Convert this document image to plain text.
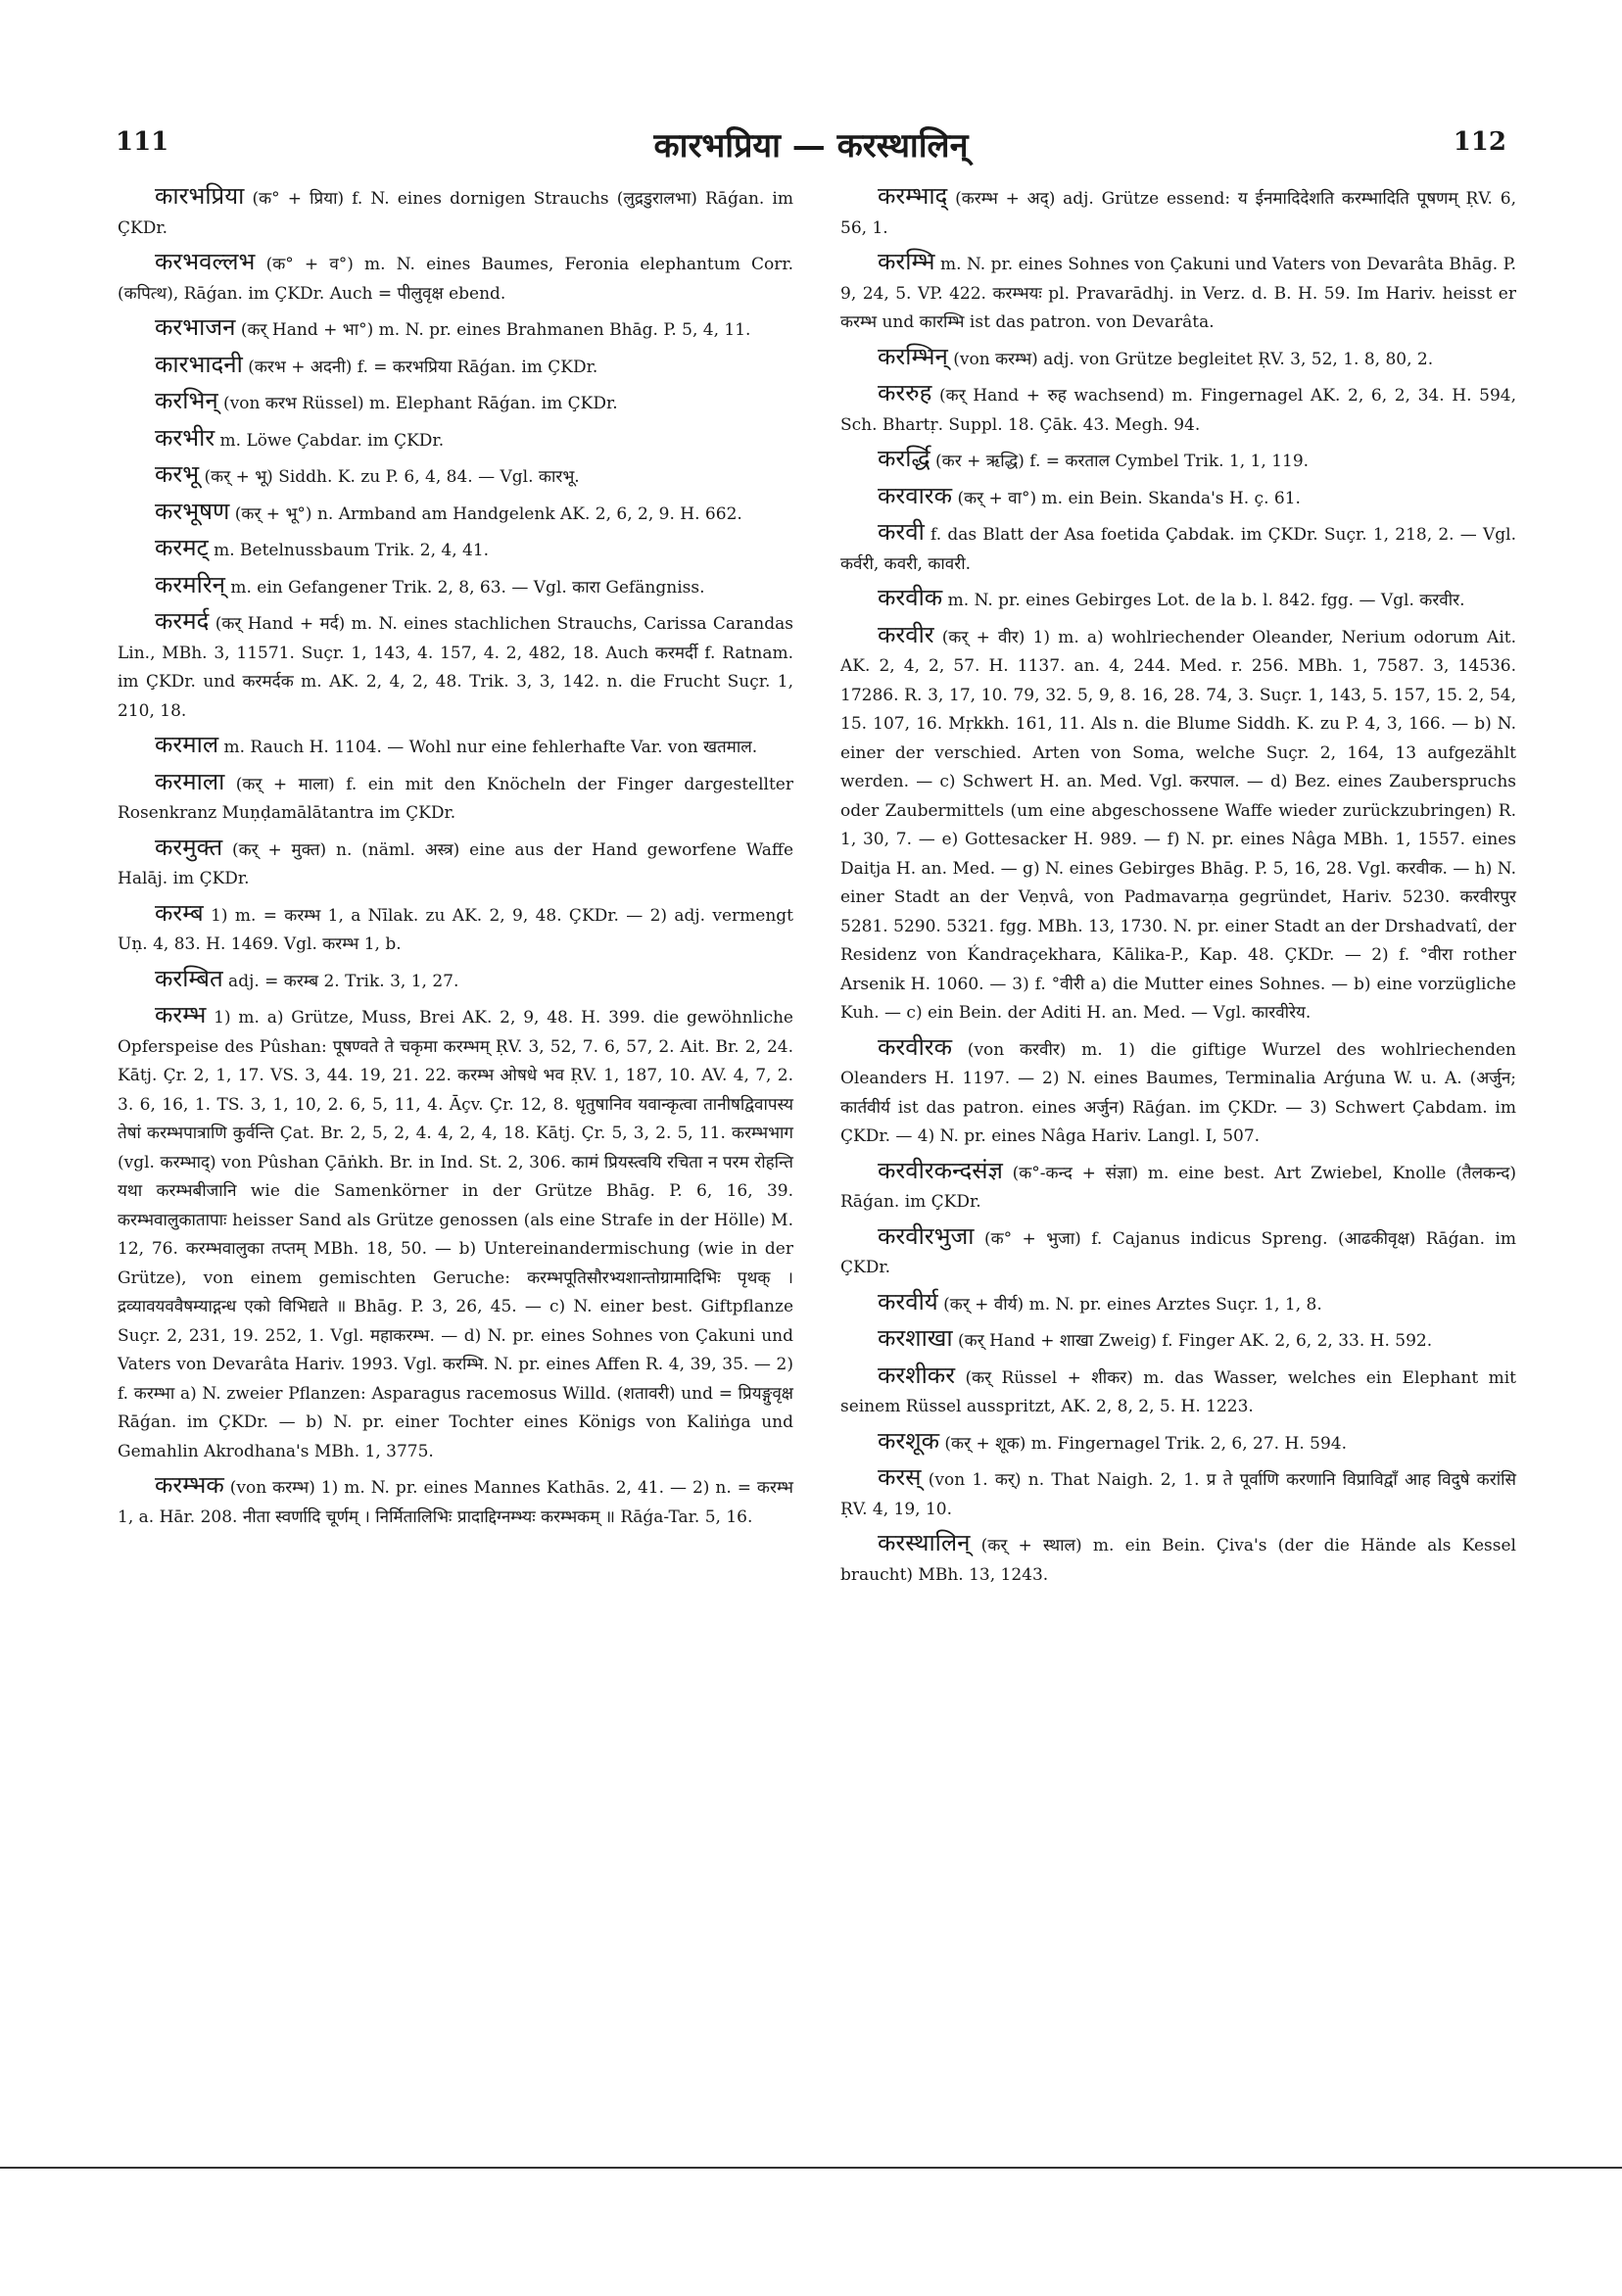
111	कारभप्रिया — करस्थालिन्	112

कारभप्रिया (क° + प्रिया) f. N. eines dornigen Strauchs (लुद्रडुरालभा) Rāǵan. im ÇKDr.

करभवल्लभ (क° + व°) m. N. eines Baumes, Feronia elephantum Corr. (कपित्थ), Rāǵan. im ÇKDr. Auch = पीलुवृक्ष ebend.

करभाजन (कर् Hand + भा°) m. N. pr. eines Brahmanen Bhāg. P. 5, 4, 11.

कारभादनी (करभ + अदनी) f. = करभप्रिया Rāǵan. im ÇKDr.

करभिन् (von करभ Rüssel) m. Elephant Rāǵan. im ÇKDr.

करभीर m. Löwe Çabdar. im ÇKDr.

करभू (कर् + भू) Siddh. K. zu P. 6, 4, 84. — Vgl. कारभू.

करभूषण (कर् + भू°) n. Armband am Handgelenk AK. 2, 6, 2, 9. H. 662.

करमट् m. Betelnussbaum Trik. 2, 4, 41.

करमरिन् m. ein Gefangener Trik. 2, 8, 63. — Vgl. कारा Gefängniss.

करमर्द (कर् Hand + मर्द) m. N. eines stachlichen Strauchs, Carissa Carandas Lin., MBh. 3, 11571. Suçr. 1, 143, 4. 157, 4. 2, 482, 18. Auch करमर्दी f. Ratnam. im ÇKDr. und करमर्दक m. AK. 2, 4, 2, 48. Trik. 3, 3, 142. n. die Frucht Suçr. 1, 210, 18.

करमाल m. Rauch H. 1104. — Wohl nur eine fehlerhafte Var. von खतमाल.

करमाला (कर् + माला) f. ein mit den Knöcheln der Finger dargestellter Rosenkranz Muṇḍamālātantra im ÇKDr.

करमुक्त (कर् + मुक्त) n. (näml. अस्त्र) eine aus der Hand geworfene Waffe Halāj. im ÇKDr.

करम्ब 1) m. = करम्भ 1, a Nīlak. zu AK. 2, 9, 48. ÇKDr. — 2) adj. vermengt Uṇ. 4, 83. H. 1469. Vgl. करम्भ 1, b.

करम्बित adj. = करम्ब 2. Trik. 3, 1, 27.

करम्भ 1) m. a) Grütze, Muss, Brei AK. 2, 9, 48. H. 399. die gewöhnliche Opferspeise des Pûshan: पूषण्वते ते चकृमा करम्भम् ṚV. 3, 52, 7. 6, 57, 2. Ait. Br. 2, 24. Kātj. Çr. 2, 1, 17. VS. 3, 44. 19, 21. 22. करम्भ ओषधे भव ṚV. 1, 187, 10. AV. 4, 7, 2. 3. 6, 16, 1. TS. 3, 1, 10, 2. 6, 5, 11, 4. Āçv. Çr. 12, 8. धृतुषानिव यवान्कृत्वा तानीषद्विवापस्य तेषां करम्भपात्राणि कुर्वन्ति Çat. Br. 2, 5, 2, 4. 4, 2, 4, 18. Kātj. Çr. 5, 3, 2. 5, 11. करम्भभाग (vgl. करम्भाद्) von Pûshan Çāṅkh. Br. in Ind. St. 2, 306. कामं प्रियस्त्वयि रचिता न परम रोहन्ति यथा करम्भबीजानि wie die Samenkörner in der Grütze Bhāg. P. 6, 16, 39. करम्भवालुकातापाः heisser Sand als Grütze genossen (als eine Strafe in der Hölle) M. 12, 76. करम्भवालुका तप्तम् MBh. 18, 50. — b) Untereinandermischung (wie in der Grütze), von einem gemischten Geruche: करम्भपूतिसौरभ्यशान्तोग्रामादिभिः पृथक् । द्रव्यावयववैषम्याद्गन्ध एको विभिद्यते ॥ Bhāg. P. 3, 26, 45. — c) N. einer best. Giftpflanze Suçr. 2, 231, 19. 252, 1. Vgl. महाकरम्भ. — d) N. pr. eines Sohnes von Çakuni und Vaters von Devarâta Hariv. 1993. Vgl. करम्भि. N. pr. eines Affen R. 4, 39, 35. — 2) f. करम्भा a) N. zweier Pflanzen: Asparagus racemosus Willd. (शतावरी) und = प्रियङ्गुवृक्ष Rāǵan. im ÇKDr. — b) N. pr. einer Tochter eines Königs von Kaliṅga und Gemahlin Akrodhana's MBh. 1, 3775.

करम्भक (von करम्भ) 1) m. N. pr. eines Mannes Kathās. 2, 41. — 2) n. = करम्भ 1, a. Hār. 208. नीता स्वर्णादि चूर्णम् । निर्मितालिभिः प्रादाद्दिग्नम्भ्यः करम्भकम् ॥ Rāǵa-Tar. 5, 16.

करम्भाद् (करम्भ + अद्) adj. Grütze essend: य ईनमादिदेशति करम्भादिति पूषणम् ṚV. 6, 56, 1.

करम्भि m. N. pr. eines Sohnes von Çakuni und Vaters von Devarâta Bhāg. P. 9, 24, 5. VP. 422. करम्भयः pl. Pravarādhj. in Verz. d. B. H. 59. Im Hariv. heisst er करम्भ und कारम्भि ist das patron. von Devarâta.

करम्भिन् (von करम्भ) adj. von Grütze begleitet ṚV. 3, 52, 1. 8, 80, 2.

कररुह (कर् Hand + रुह wachsend) m. Fingernagel AK. 2, 6, 2, 34. H. 594, Sch. Bhartṛ. Suppl. 18. Çāk. 43. Megh. 94.

करर्द्धि (कर + ऋद्धि) f. = करताल Cymbel Trik. 1, 1, 119.

करवारक (कर् + वा°) m. ein Bein. Skanda's H. ç. 61.

करवी f. das Blatt der Asa foetida Çabdak. im ÇKDr. Suçr. 1, 218, 2. — Vgl. कर्वरी, कवरी, कावरी.

करवीक m. N. pr. eines Gebirges Lot. de la b. l. 842. fgg. — Vgl. करवीर.

करवीर (कर् + वीर) 1) m. a) wohlriechender Oleander, Nerium odorum Ait. AK. 2, 4, 2, 57. H. 1137. an. 4, 244. Med. r. 256. MBh. 1, 7587. 3, 14536. 17286. R. 3, 17, 10. 79, 32. 5, 9, 8. 16, 28. 74, 3. Suçr. 1, 143, 5. 157, 15. 2, 54, 15. 107, 16. Mṛkkh. 161, 11. Als n. die Blume Siddh. K. zu P. 4, 3, 166. — b) N. einer der verschied. Arten von Soma, welche Suçr. 2, 164, 13 aufgezählt werden. — c) Schwert H. an. Med. Vgl. करपाल. — d) Bez. eines Zauberspruchs oder Zaubermittels (um eine abgeschossene Waffe wieder zurückzubringen) R. 1, 30, 7. — e) Gottesacker H. 989. — f) N. pr. eines Nâga MBh. 1, 1557. eines Daitja H. an. Med. — g) N. eines Gebirges Bhāg. P. 5, 16, 28. Vgl. करवीक. — h) N. einer Stadt an der Veṇvâ, von Padmavarṇa gegründet, Hariv. 5230. करवीरपुर 5281. 5290. 5321. fgg. MBh. 13, 1730. N. pr. einer Stadt an der Drshadvatî, der Residenz von Ḱandraçekhara, Kālika-P., Kap. 48. ÇKDr. — 2) f. °वीरा rother Arsenik H. 1060. — 3) f. °वीरी a) die Mutter eines Sohnes. — b) eine vorzügliche Kuh. — c) ein Bein. der Aditi H. an. Med. — Vgl. कारवीरेय.

करवीरक (von करवीर) m. 1) die giftige Wurzel des wohlriechenden Oleanders H. 1197. — 2) N. eines Baumes, Terminalia Arǵuna W. u. A. (अर्जुन; कार्तवीर्य ist das patron. eines अर्जुन) Rāǵan. im ÇKDr. — 3) Schwert Çabdam. im ÇKDr. — 4) N. pr. eines Nâga Hariv. Langl. I, 507.

करवीरकन्दसंज्ञ (क°-कन्द + संज्ञा) m. eine best. Art Zwiebel, Knolle (तैलकन्द) Rāǵan. im ÇKDr.

करवीरभुजा (क° + भुजा) f. Cajanus indicus Spreng. (आढकीवृक्ष) Rāǵan. im ÇKDr.

करवीर्य (कर् + वीर्य) m. N. pr. eines Arztes Suçr. 1, 1, 8.

करशाखा (कर् Hand + शाखा Zweig) f. Finger AK. 2, 6, 2, 33. H. 592.

करशीकर (कर् Rüssel + शीकर) m. das Wasser, welches ein Elephant mit seinem Rüssel ausspritzt, AK. 2, 8, 2, 5. H. 1223.

करशूक (कर् + शूक) m. Fingernagel Trik. 2, 6, 27. H. 594.

करस् (von 1. कर्) n. That Naigh. 2, 1. प्र ते पूर्वाणि करणानि विप्राविद्वाँ आह विदुषे करांसि ṚV. 4, 19, 10.

करस्थालिन् (कर् + स्थाल) m. ein Bein. Çiva's (der die Hände als Kessel braucht) MBh. 13, 1243.
